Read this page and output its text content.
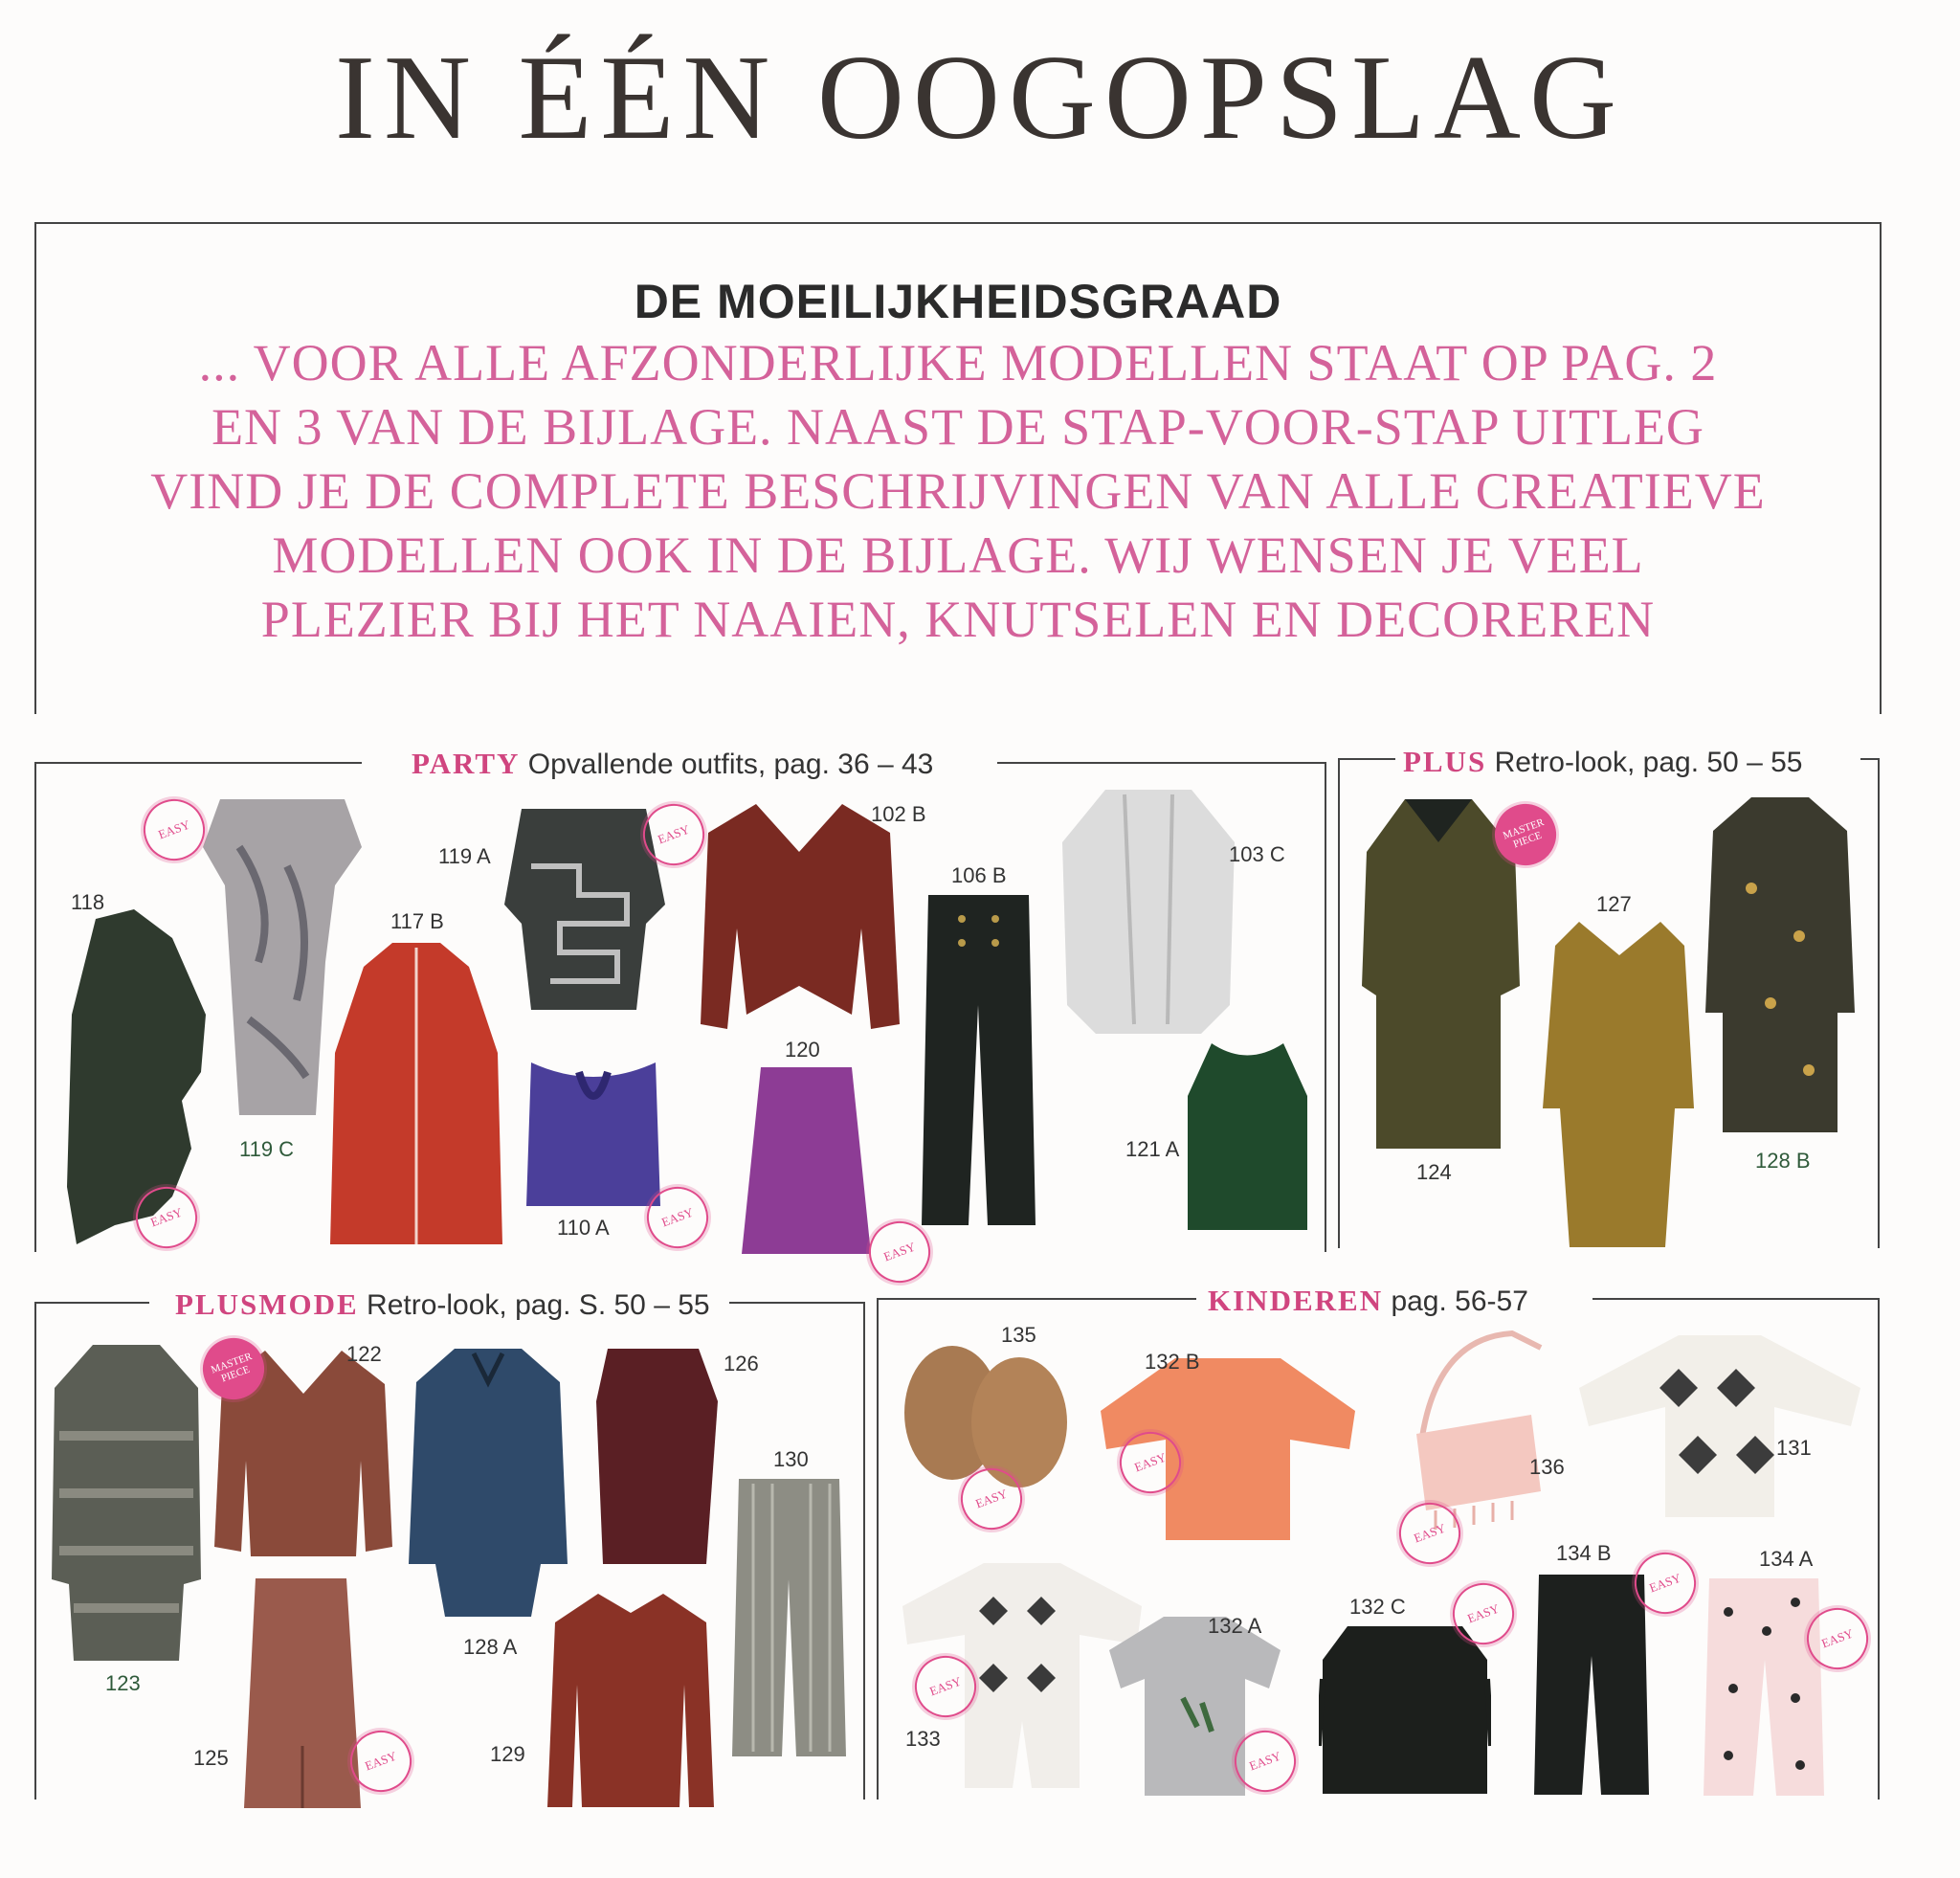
IN ÉÉN OOGOPSLAG
DE MOEILIJKHEIDSGRAAD
... VOOR ALLE AFZONDERLIJKE MODELLEN STAAT OP PAG. 2
EN 3 VAN DE BIJLAGE. NAAST DE STAP-VOOR-STAP UITLEG
VIND JE DE COMPLETE BESCHRIJVINGEN VAN ALLE CREATIEVE
MODELLEN OOK IN DE BIJLAGE. WIJ WENSEN JE VEEL
PLEZIER BIJ HET NAAIEN, KNUTSELEN EN DECOREREN
PARTY Opvallende outfits, pag. 36 – 43
118
EASY
119 C
EASY
117 B
119 A
EASY
110 A	EASY
102 B
120
EASY
106 B
103 C
121 A
PLUS Retro-look, pag. 50 – 55
124
MASTER PIECE
127
128 B
PLUSMODE Retro-look, pag. S. 50 – 55
123
122
MASTER PIECE
125	EASY
128 A
129
126
130
KINDEREN pag. 56-57
135
EASY
132 B
EASY	136
EASY
131
133
EASY
132 A
EASY
132 C	EASY
134 B
EASY
134 A
EASY
